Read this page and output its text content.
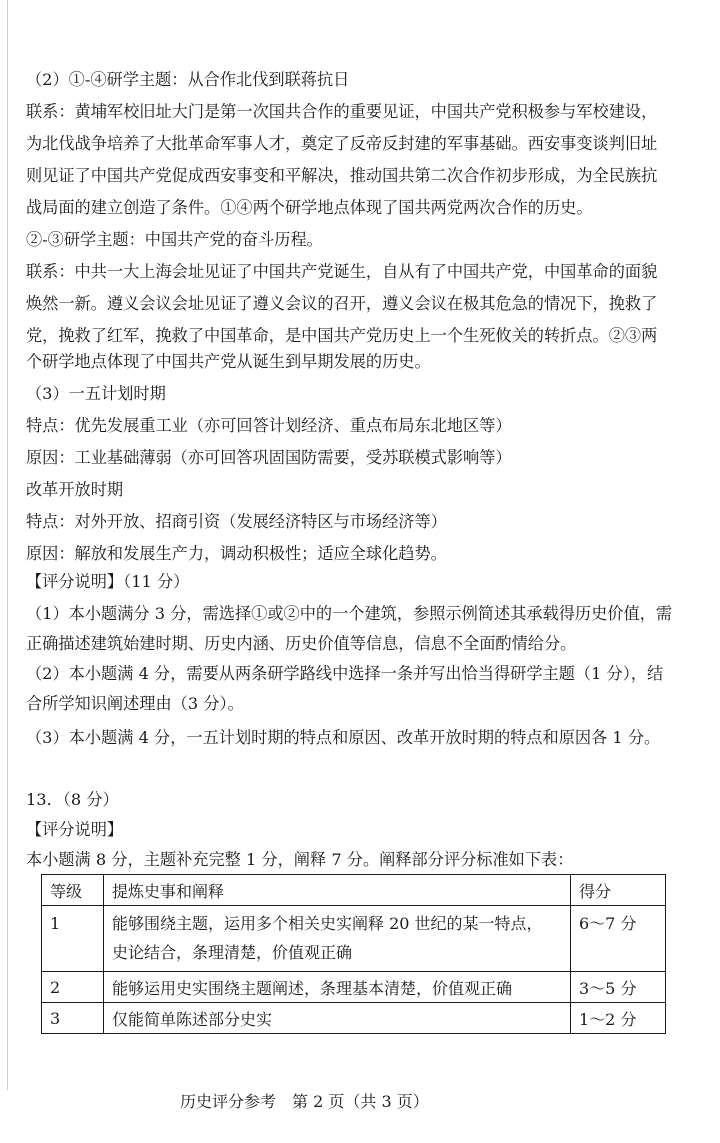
（2）①-④研学主题：从合作北伐到联蒋抗日
联系：黄埔军校旧址大门是第一次国共合作的重要见证，中国共产党积极参与军校建设，
为北伐战争培养了大批革命军事人才，奠定了反帝反封建的军事基础。西安事变谈判旧址
则见证了中国共产党促成西安事变和平解决，推动国共第二次合作初步形成，为全民族抗
战局面的建立创造了条件。①④两个研学地点体现了国共两党两次合作的历史。
②-③研学主题：中国共产党的奋斗历程。
联系：中共一大上海会址见证了中国共产党诞生，自从有了中国共产党，中国革命的面貌
焕然一新。遵义会议会址见证了遵义会议的召开，遵义会议在极其危急的情况下，挽救了
党，挽救了红军，挽救了中国革命，是中国共产党历史上一个生死攸关的转折点。②③两
个研学地点体现了中国共产党从诞生到早期发展的历史。
（3）一五计划时期
特点：优先发展重工业（亦可回答计划经济、重点布局东北地区等）
原因：工业基础薄弱（亦可回答巩固国防需要，受苏联模式影响等）
改革开放时期
特点：对外开放、招商引资（发展经济特区与市场经济等）
原因：解放和发展生产力，调动积极性；适应全球化趋势。
【评分说明】（11 分）
（1）本小题满分 3 分，需选择①或②中的一个建筑，参照示例简述其承载得历史价值，需
正确描述建筑始建时期、历史内涵、历史价值等信息，信息不全面酌情给分。
（2）本小题满 4 分，需要从两条研学路线中选择一条并写出恰当得研学主题（1 分），结
合所学知识阐述理由（3 分）。
（3）本小题满 4 分，一五计划时期的特点和原因、改革开放时期的特点和原因各 1 分。
13．（8 分）
【评分说明】
本小题满 8 分，主题补充完整 1 分，阐释 7 分。阐释部分评分标准如下表：
等级	提炼史事和阐释	得分
1	能够围绕主题，运用多个相关史实阐释 20 世纪的某一特点，
史论结合，条理清楚，价值观正确	6～7 分
2	能够运用史实围绕主题阐述，条理基本清楚，价值观正确	3～5 分
3	仅能简单陈述部分史实	1～2 分
历史评分参考　第 2 页（共 3 页）
